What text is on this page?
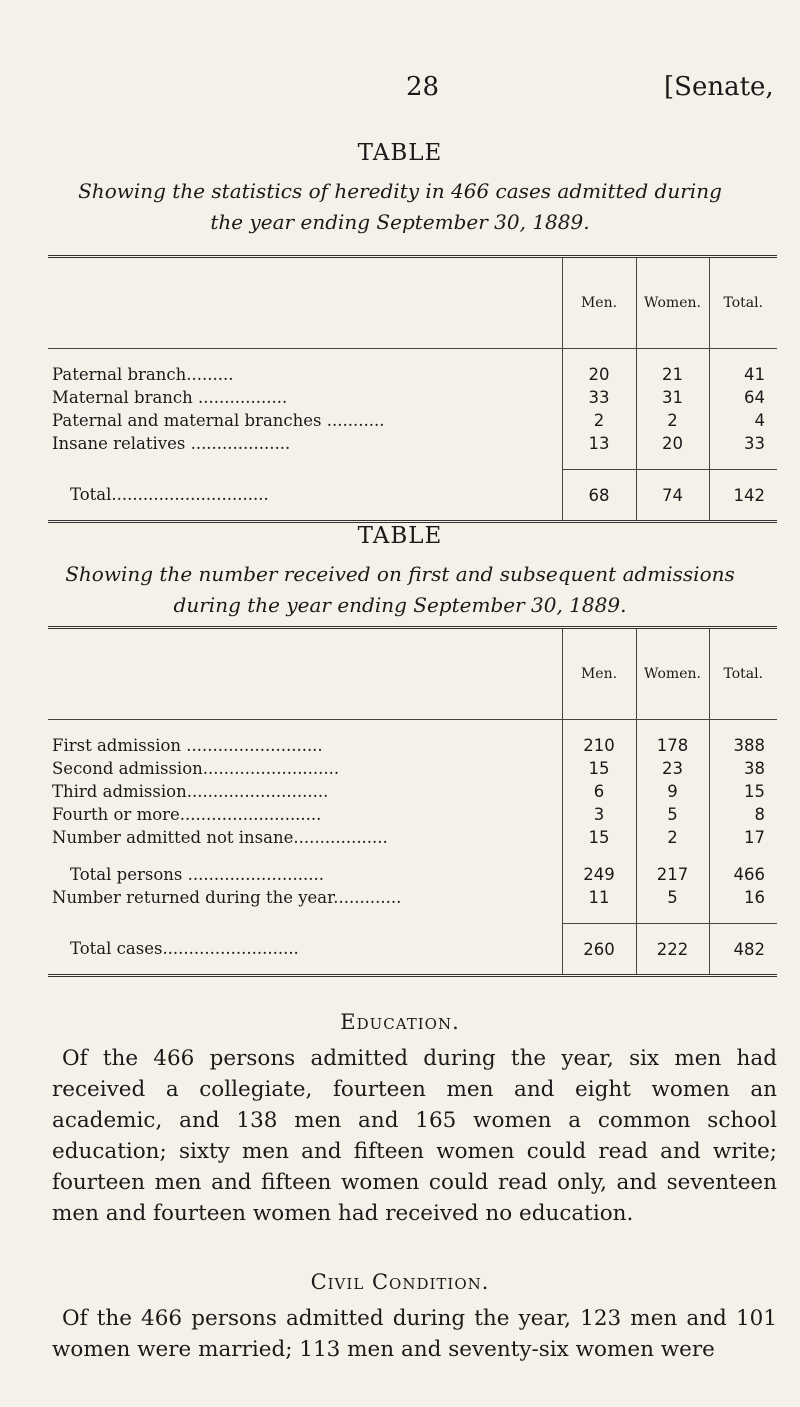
28	[Senate,
TABLE
Showing the statistics of heredity in 466 cases admitted during the year ending September 30, 1889.
	Men.	Women.	Total.

Paternal branch.........	20	21	41
Maternal branch .................	33	31	64
Paternal and maternal branches ...........	2	2	4
Insane relatives ...................	13	20	33

Total..............................	68	74	142
TABLE
Showing the number received on first and subsequent admissions during the year ending September 30, 1889.
	Men.	Women.	Total.

First admission ..........................	210	178	388
Second admission..........................	15	23	38
Third admission...........................	6	9	15
Fourth or more...........................	3	5	8
Number admitted not insane..................	15	2	17

Total persons ..........................	249	217	466
Number returned during the year.............	11	5	16

Total cases..........................	260	222	482
Education.
Of the 466 persons admitted during the year, six men had received a collegiate, fourteen men and eight women an academic, and 138 men and 165 women a common school education; sixty men and fifteen women could read and write; fourteen men and fifteen women could read only, and seventeen men and fourteen women had received no education.
Civil Condition.
Of the 466 persons admitted during the year, 123 men and 101 women were married; 113 men and seventy-six women were
